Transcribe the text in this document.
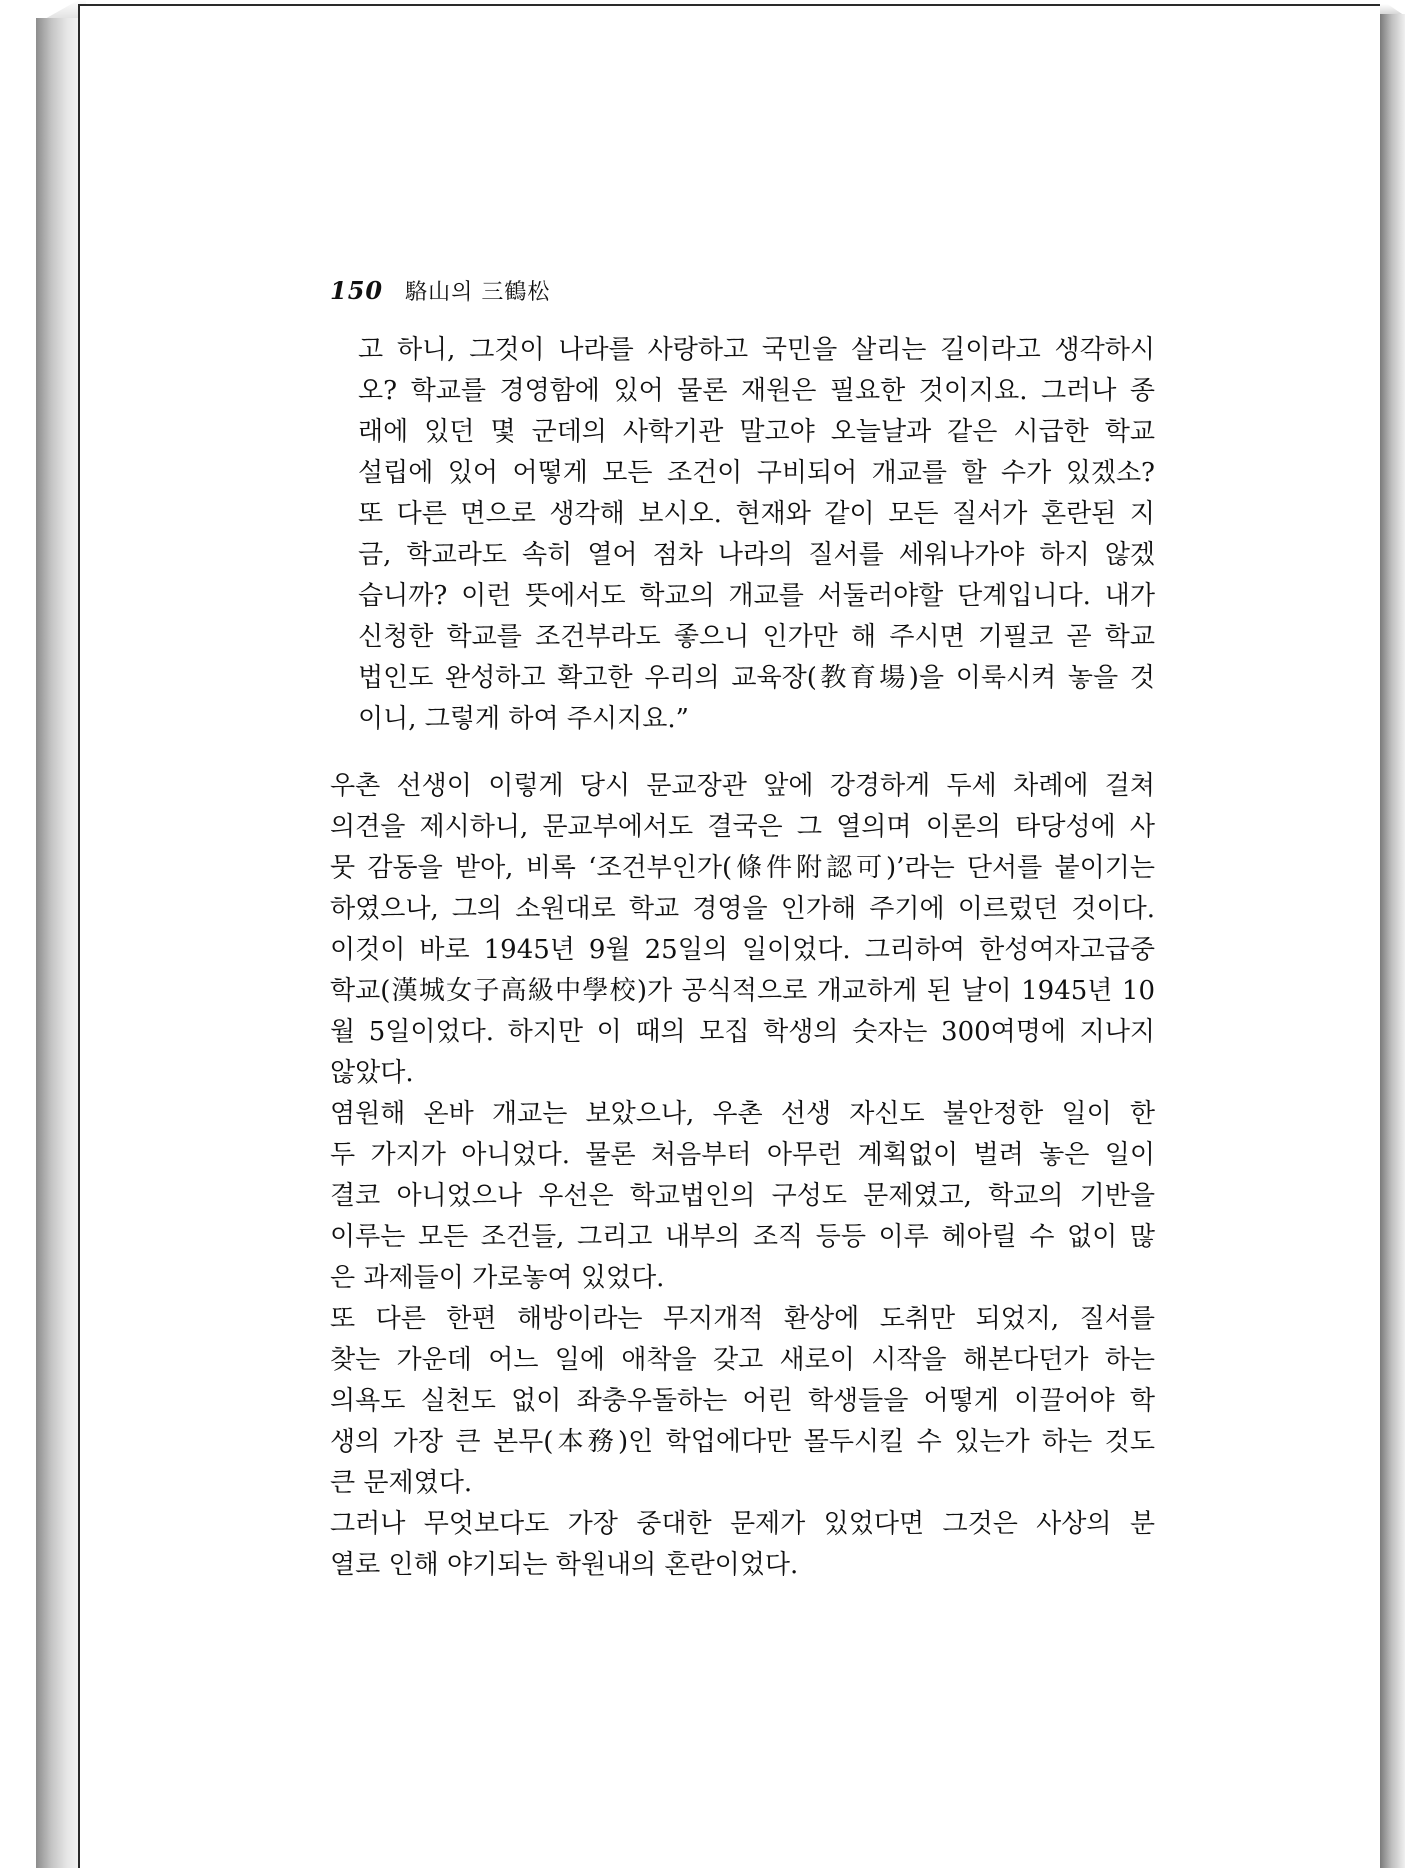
150 駱山의 三鶴松
고 하니, 그것이 나라를 사랑하고 국민을 살리는 길이라고 생각하시
오? 학교를 경영함에 있어 물론 재원은 필요한 것이지요. 그러나 종
래에 있던 몇 군데의 사학기관 말고야 오늘날과 같은 시급한 학교
설립에 있어 어떻게 모든 조건이 구비되어 개교를 할 수가 있겠소?
또 다른 면으로 생각해 보시오. 현재와 같이 모든 질서가 혼란된 지
금, 학교라도 속히 열어 점차 나라의 질서를 세워나가야 하지 않겠
습니까? 이런 뜻에서도 학교의 개교를 서둘러야할 단계입니다. 내가
신청한 학교를 조건부라도 좋으니 인가만 해 주시면 기필코 곧 학교
법인도 완성하고 확고한 우리의 교육장(教育場)을 이룩시켜 놓을 것
이니, 그렇게 하여 주시지요.”
우촌 선생이 이렇게 당시 문교장관 앞에 강경하게 두세 차례에 걸쳐
의견을 제시하니, 문교부에서도 결국은 그 열의며 이론의 타당성에 사
뭇 감동을 받아, 비록 ‘조건부인가(條件附認可)’라는 단서를 붙이기는
하였으나, 그의 소원대로 학교 경영을 인가해 주기에 이르렀던 것이다.
이것이 바로 1945년 9월 25일의 일이었다. 그리하여 한성여자고급중
학교(漢城女子高級中學校)가 공식적으로 개교하게 된 날이 1945년 10
월 5일이었다. 하지만 이 때의 모집 학생의 숫자는 300여명에 지나지
않았다.
염원해 온바 개교는 보았으나, 우촌 선생 자신도 불안정한 일이 한
두 가지가 아니었다. 물론 처음부터 아무런 계획없이 벌려 놓은 일이
결코 아니었으나 우선은 학교법인의 구성도 문제였고, 학교의 기반을
이루는 모든 조건들, 그리고 내부의 조직 등등 이루 헤아릴 수 없이 많
은 과제들이 가로놓여 있었다.
또 다른 한편 해방이라는 무지개적 환상에 도취만 되었지, 질서를
찾는 가운데 어느 일에 애착을 갖고 새로이 시작을 해본다던가 하는
의욕도 실천도 없이 좌충우돌하는 어린 학생들을 어떻게 이끌어야 학
생의 가장 큰 본무(本務)인 학업에다만 몰두시킬 수 있는가 하는 것도
큰 문제였다.
그러나 무엇보다도 가장 중대한 문제가 있었다면 그것은 사상의 분
열로 인해 야기되는 학원내의 혼란이었다.
